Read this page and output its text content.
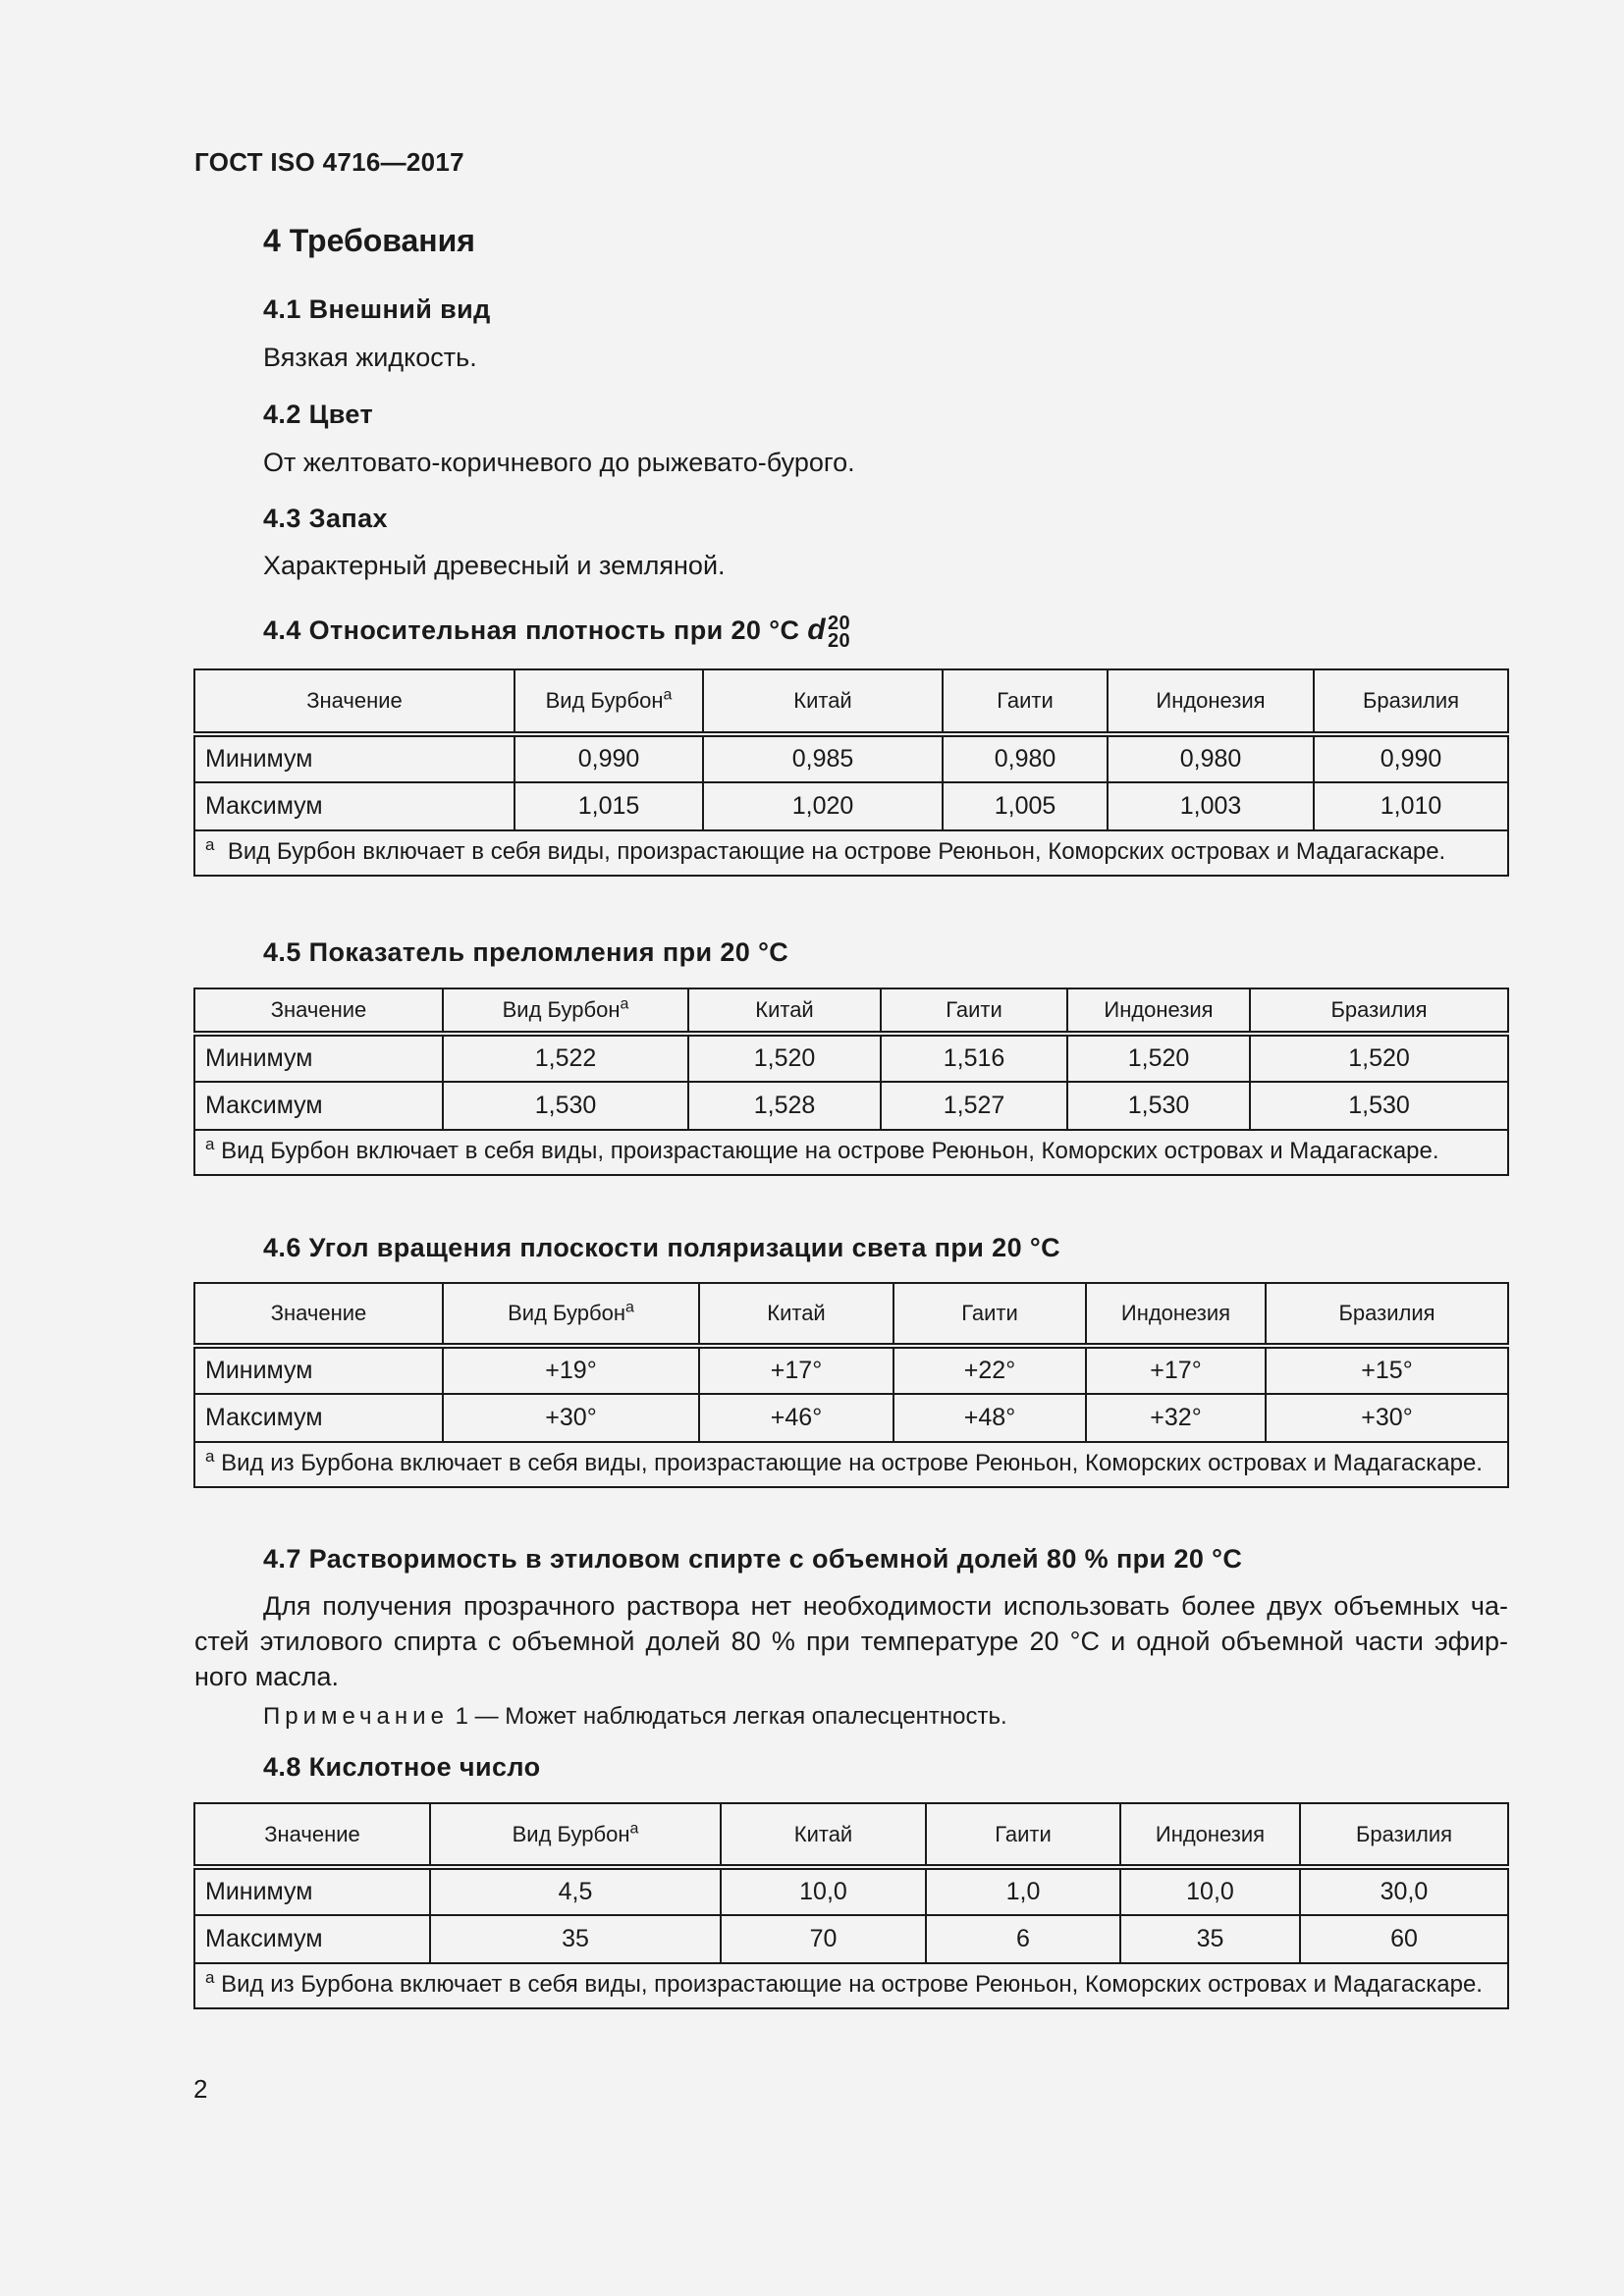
ГОСТ ISO 4716—2017
4 Требования
4.1 Внешний вид
Вязкая жидкость.
4.2 Цвет
От желтовато-коричневого до рыжевато-бурого.
4.3 Запах
Характерный древесный и земляной.
4.4 Относительная плотность при 20 °С d 20
20
Значение	Вид Бурбон$^a$	Китай	Гаити	Индонезия	Бразилия
Минимум	0,990	0,985	0,980	0,980	0,990
Максимум	1,015	1,020	1,005	1,003	1,010
$^a$ Вид Бурбон включает в себя виды, произрастающие на острове Реюньон, Коморских островах и Мадагаскаре.					
4.5 Показатель преломления при 20 °С
Значение	Вид Бурбон$^a$	Китай	Гаити	Индонезия	Бразилия
Минимум	1,522	1,520	1,516	1,520	1,520
Максимум	1,530	1,528	1,527	1,530	1,530
$^a$ Вид Бурбон включает в себя виды, произрастающие на острове Реюньон, Коморских островах и Мадагаскаре.					
4.6 Угол вращения плоскости поляризации света при 20 °С
Значение	Вид Бурбон$^a$	Китай	Гаити	Индонезия	Бразилия
Минимум	+19°	+17°	+22°	+17°	+15°
Максимум	+30°	+46°	+48°	+32°	+30°
$^a$ Вид из Бурбона включает в себя виды, произрастающие на острове Реюньон, Коморских островах и Мадагаскаре.					
4.7 Растворимость в этиловом спирте с объемной долей 80 % при 20 °С
Для получения прозрачного раствора нет необходимости использовать более двух объемных ча-
стей этилового спирта с объемной долей 80 % при температуре 20 °С и одной объемной части эфир-
ного масла.
Примечание 1 — Может наблюдаться легкая опалесцентность.
4.8 Кислотное число
Значение	Вид Бурбон$^a$	Китай	Гаити	Индонезия	Бразилия
Минимум	4,5	10,0	1,0	10,0	30,0
Максимум	35	70	6	35	60
$^a$ Вид из Бурбона включает в себя виды, произрастающие на острове Реюньон, Коморских островах и Мадагаскаре.					
2
